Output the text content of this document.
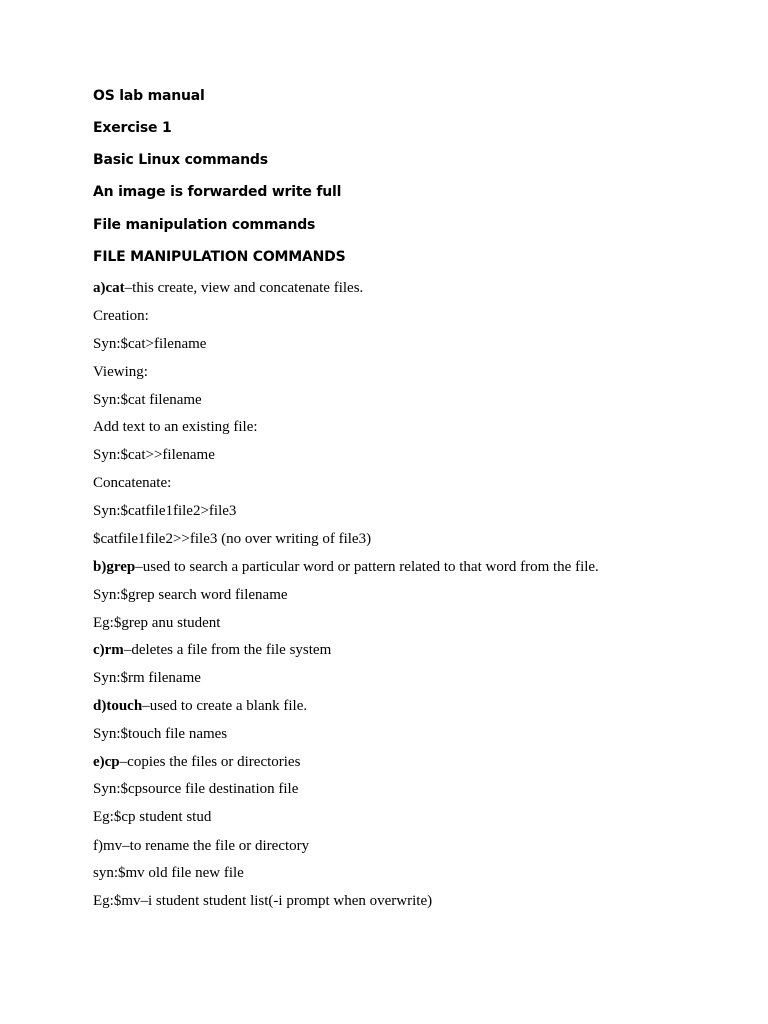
OS lab manual
Exercise 1
Basic Linux commands
An image is forwarded write full
File manipulation commands
FILE MANIPULATION COMMANDS
a)cat–this create, view and concatenate files.
Creation:
Syn:$cat>filename
Viewing:
Syn:$cat filename
Add text to an existing file:
Syn:$cat>>filename
Concatenate:
Syn:$catfile1file2>file3
$catfile1file2>>file3 (no over writing of file3)
b)grep–used to search a particular word or pattern related to that word from the file.
Syn:$grep search word filename
Eg:$grep anu student
c)rm–deletes a file from the file system
Syn:$rm filename
d)touch–used to create a blank file.
Syn:$touch file names
e)cp–copies the files or directories
Syn:$cpsource file destination file
Eg:$cp student stud
f)mv–to rename the file or directory
syn:$mv old file new file
Eg:$mv–i student student list(-i prompt when overwrite)
